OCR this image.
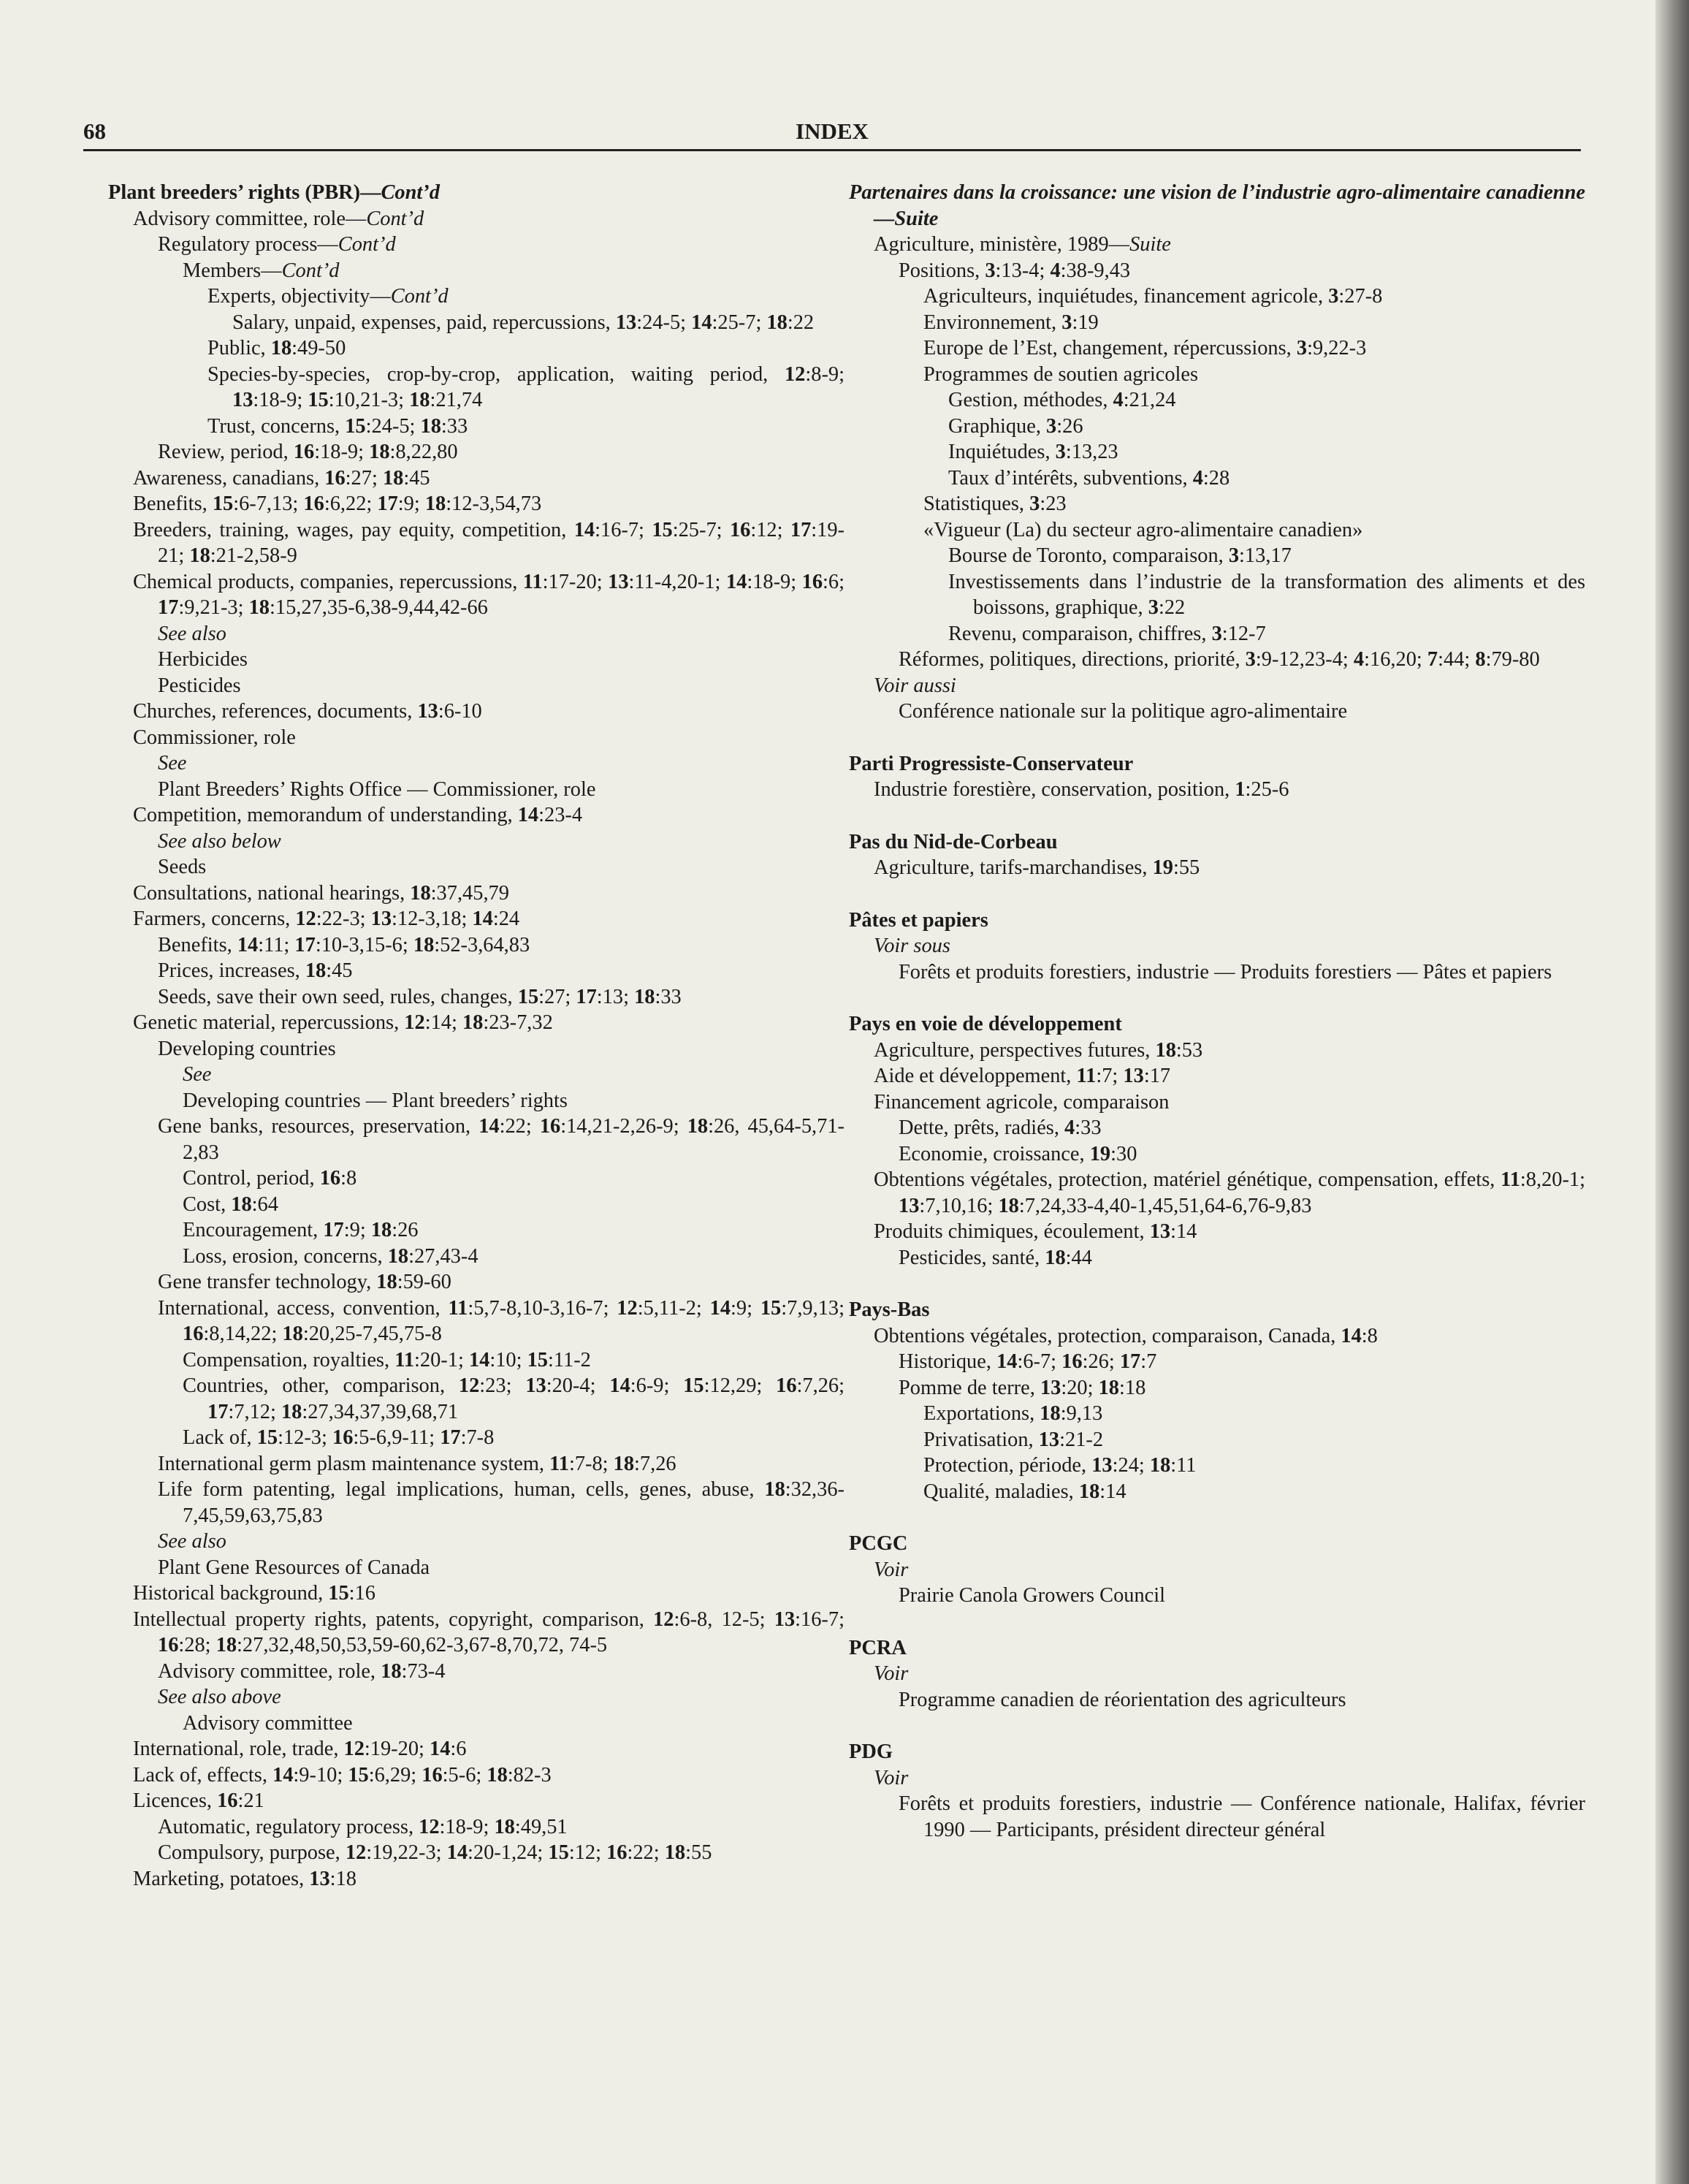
68	INDEX
Plant breeders’ rights (PBR)—Cont’d
Advisory committee, role—Cont’d
Regulatory process—Cont’d
Members—Cont’d
Experts, objectivity—Cont’d
Salary, unpaid, expenses, paid, repercussions, 13:24-5; 14:25-7; 18:22
Public, 18:49-50
Species-by-species, crop-by-crop, application, waiting period, 12:8-9; 13:18-9; 15:10,21-3; 18:21,74
Trust, concerns, 15:24-5; 18:33
Review, period, 16:18-9; 18:8,22,80
Awareness, canadians, 16:27; 18:45
Benefits, 15:6-7,13; 16:6,22; 17:9; 18:12-3,54,73
Breeders, training, wages, pay equity, competition, 14:16-7; 15:25-7; 16:12; 17:19-21; 18:21-2,58-9
Chemical products, companies, repercussions, 11:17-20; 13:11-4,20-1; 14:18-9; 16:6; 17:9,21-3; 18:15,27,35-6,38-9,44,42-66
See also
Herbicides
Pesticides
Churches, references, documents, 13:6-10
Commissioner, role
See
Plant Breeders’ Rights Office — Commissioner, role
Competition, memorandum of understanding, 14:23-4
See also below
Seeds
Consultations, national hearings, 18:37,45,79
Farmers, concerns, 12:22-3; 13:12-3,18; 14:24
Benefits, 14:11; 17:10-3,15-6; 18:52-3,64,83
Prices, increases, 18:45
Seeds, save their own seed, rules, changes, 15:27; 17:13; 18:33
Genetic material, repercussions, 12:14; 18:23-7,32
Developing countries
See
Developing countries — Plant breeders’ rights
Gene banks, resources, preservation, 14:22; 16:14,21-2,26-9; 18:26, 45,64-5,71-2,83
Control, period, 16:8
Cost, 18:64
Encouragement, 17:9; 18:26
Loss, erosion, concerns, 18:27,43-4
Gene transfer technology, 18:59-60
International, access, convention, 11:5,7-8,10-3,16-7; 12:5,11-2; 14:9; 15:7,9,13; 16:8,14,22; 18:20,25-7,45,75-8
Compensation, royalties, 11:20-1; 14:10; 15:11-2
Countries, other, comparison, 12:23; 13:20-4; 14:6-9; 15:12,29; 16:7,26; 17:7,12; 18:27,34,37,39,68,71
Lack of, 15:12-3; 16:5-6,9-11; 17:7-8
International germ plasm maintenance system, 11:7-8; 18:7,26
Life form patenting, legal implications, human, cells, genes, abuse, 18:32,36-7,45,59,63,75,83
See also
Plant Gene Resources of Canada
Historical background, 15:16
Intellectual property rights, patents, copyright, comparison, 12:6-8, 12-5; 13:16-7; 16:28; 18:27,32,48,50,53,59-60,62-3,67-8,70,72, 74-5
Advisory committee, role, 18:73-4
See also above
Advisory committee
International, role, trade, 12:19-20; 14:6
Lack of, effects, 14:9-10; 15:6,29; 16:5-6; 18:82-3
Licences, 16:21
Automatic, regulatory process, 12:18-9; 18:49,51
Compulsory, purpose, 12:19,22-3; 14:20-1,24; 15:12; 16:22; 18:55
Marketing, potatoes, 13:18
Partenaires dans la croissance: une vision de l’industrie agro-alimentaire canadienne—Suite
Agriculture, ministère, 1989—Suite
Positions, 3:13-4; 4:38-9,43
Agriculteurs, inquiétudes, financement agricole, 3:27-8
Environnement, 3:19
Europe de l’Est, changement, répercussions, 3:9,22-3
Programmes de soutien agricoles
Gestion, méthodes, 4:21,24
Graphique, 3:26
Inquiétudes, 3:13,23
Taux d’intérêts, subventions, 4:28
Statistiques, 3:23
«Vigueur (La) du secteur agro-alimentaire canadien»
Bourse de Toronto, comparaison, 3:13,17
Investissements dans l’industrie de la transformation des aliments et des boissons, graphique, 3:22
Revenu, comparaison, chiffres, 3:12-7
Réformes, politiques, directions, priorité, 3:9-12,23-4; 4:16,20; 7:44; 8:79-80
Voir aussi
Conférence nationale sur la politique agro-alimentaire
Parti Progressiste-Conservateur
Industrie forestière, conservation, position, 1:25-6
Pas du Nid-de-Corbeau
Agriculture, tarifs-marchandises, 19:55
Pâtes et papiers
Voir sous
Forêts et produits forestiers, industrie — Produits forestiers — Pâtes et papiers
Pays en voie de développement
Agriculture, perspectives futures, 18:53
Aide et développement, 11:7; 13:17
Financement agricole, comparaison
Dette, prêts, radiés, 4:33
Economie, croissance, 19:30
Obtentions végétales, protection, matériel génétique, compensation, effets, 11:8,20-1; 13:7,10,16; 18:7,24,33-4,40-1,45,51,64-6,76-9,83
Produits chimiques, écoulement, 13:14
Pesticides, santé, 18:44
Pays-Bas
Obtentions végétales, protection, comparaison, Canada, 14:8
Historique, 14:6-7; 16:26; 17:7
Pomme de terre, 13:20; 18:18
Exportations, 18:9,13
Privatisation, 13:21-2
Protection, période, 13:24; 18:11
Qualité, maladies, 18:14
PCGC
Voir
Prairie Canola Growers Council
PCRA
Voir
Programme canadien de réorientation des agriculteurs
PDG
Voir
Forêts et produits forestiers, industrie — Conférence nationale, Halifax, février 1990 — Participants, président directeur général
